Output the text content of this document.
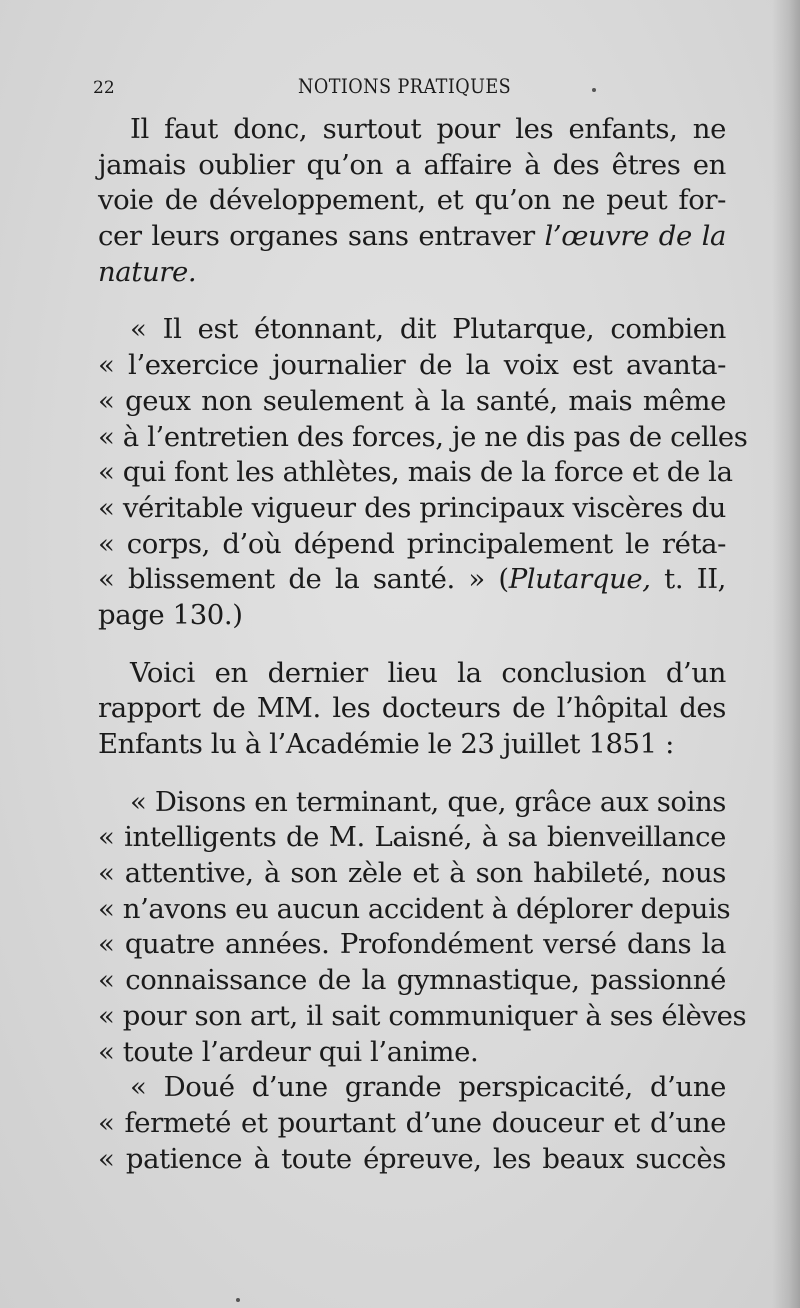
22	NOTIONS PRATIQUES
Il faut donc, surtout pour les enfants, ne
jamais oublier qu’on a affaire à des êtres en
voie de développement, et qu’on ne peut for-
cer leurs organes sans entraver l’œuvre de la
nature.
« Il est étonnant, dit Plutarque, combien
« l’exercice journalier de la voix est avanta-
« geux non seulement à la santé, mais même
« à l’entretien des forces, je ne dis pas de celles
« qui font les athlètes, mais de la force et de la
« véritable vigueur des principaux viscères du
« corps, d’où dépend principalement le réta-
« blissement de la santé. » (Plutarque, t. II,
page 130.)
Voici en dernier lieu la conclusion d’un
rapport de MM. les docteurs de l’hôpital des
Enfants lu à l’Académie le 23 juillet 1851 :
« Disons en terminant, que, grâce aux soins
« intelligents de M. Laisné, à sa bienveillance
« attentive, à son zèle et à son habileté, nous
« n’avons eu aucun accident à déplorer depuis
« quatre années. Profondément versé dans la
« connaissance de la gymnastique, passionné
« pour son art, il sait communiquer à ses élèves
« toute l’ardeur qui l’anime.
« Doué d’une grande perspicacité, d’une
« fermeté et pourtant d’une douceur et d’une
« patience à toute épreuve, les beaux succès
